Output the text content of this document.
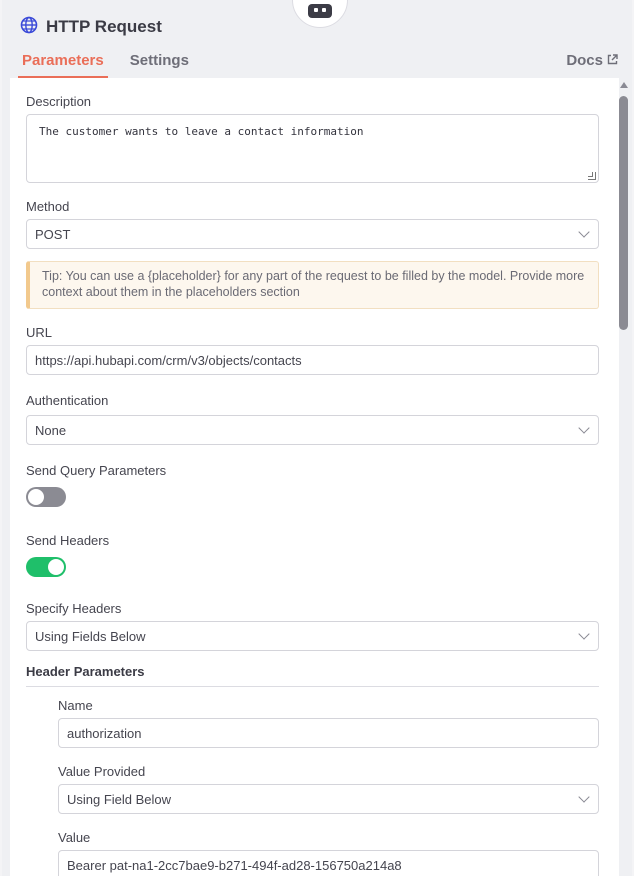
HTTP Request
Parameters Settings	Docs
Description
The customer wants to leave a contact information
Method
POST
Tip: You can use a {placeholder} for any part of the request to be filled by the model. Provide more context about them in the placeholders section
URL
https://api.hubapi.com/crm/v3/objects/contacts
Authentication
None
Send Query Parameters
Send Headers
Specify Headers
Using Fields Below
Header Parameters
Name
authorization
Value Provided
Using Field Below
Value
Bearer pat-na1-2cc7bae9-b271-494f-ad28-156750a214a8
